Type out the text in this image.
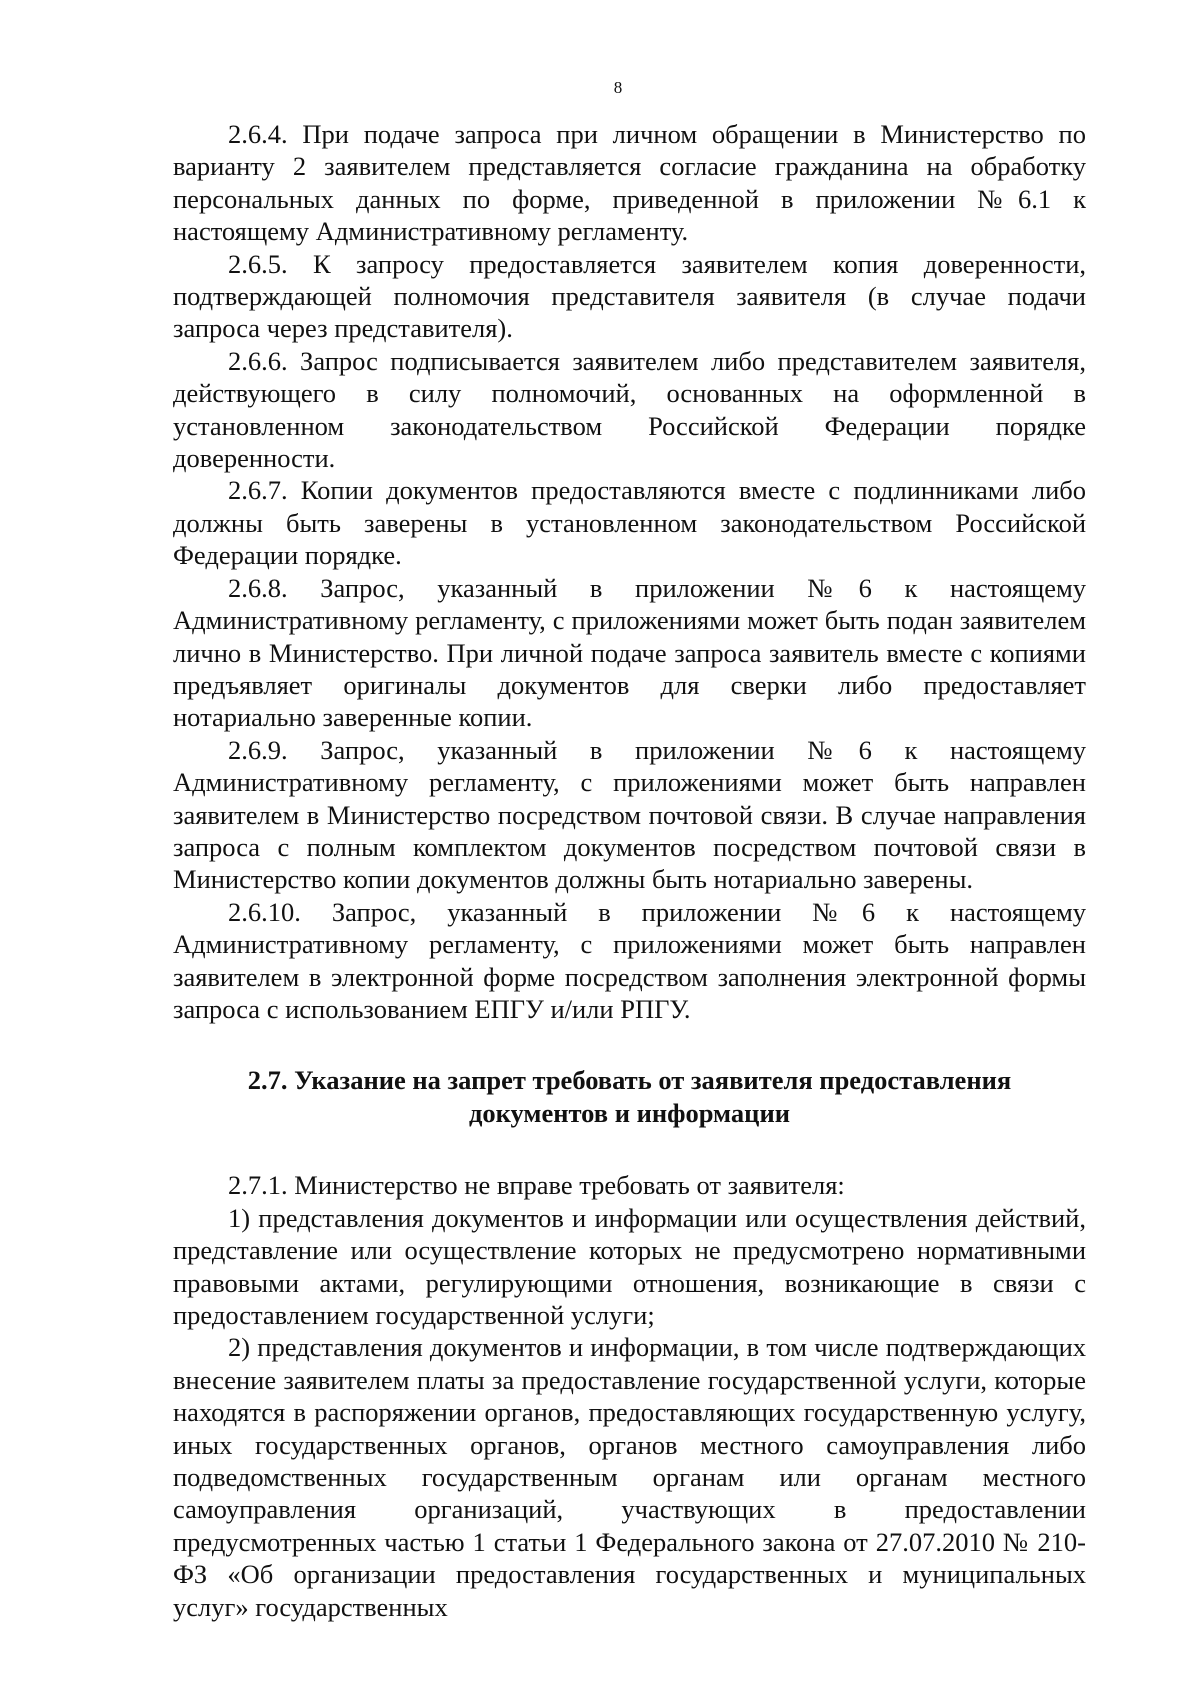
8

2.6.4. При подаче запроса при личном обращении в Министерство по варианту 2 заявителем представляется согласие гражданина на обработку персональных данных по форме, приведенной в приложении №6.1 к настоящему Административному регламенту.

2.6.5. К запросу предоставляется заявителем копия доверенности, подтверждающей полномочия представителя заявителя (в случае подачи запроса через представителя).

2.6.6. Запрос подписывается заявителем либо представителем заявителя, действующего в силу полномочий, основанных на оформленной в установленном законодательством Российской Федерации порядке доверенности.

2.6.7. Копии документов предоставляются вместе с подлинниками либо должны быть заверены в установленном законодательством Российской Федерации порядке.

2.6.8. Запрос, указанный в приложении №6 к настоящему Административному регламенту, с приложениями может быть подан заявителем лично в Министерство. При личной подаче запроса заявитель вместе с копиями предъявляет оригиналы документов для сверки либо предоставляет нотариально заверенные копии.

2.6.9. Запрос, указанный в приложении №6 к настоящему Административному регламенту, с приложениями может быть направлен заявителем в Министерство посредством почтовой связи. В случае направления запроса с полным комплектом документов посредством почтовой связи в Министерство копии документов должны быть нотариально заверены.

2.6.10. Запрос, указанный в приложении №6 к настоящему Административному регламенту, с приложениями может быть направлен заявителем в электронной форме посредством заполнения электронной формы запроса с использованием ЕПГУ и/или РПГУ.

2.7. Указание на запрет требовать от заявителя предоставления
документов и информации

2.7.1. Министерство не вправе требовать от заявителя:

1) представления документов и информации или осуществления действий, представление или осуществление которых не предусмотрено нормативными правовыми актами, регулирующими отношения, возникающие в связи с предоставлением государственной услуги;

2) представления документов и информации, в том числе подтверждающих внесение заявителем платы за предоставление государственной услуги, которые находятся в распоряжении органов, предоставляющих государственную услугу, иных государственных органов, органов местного самоуправления либо подведомственных государственным органам или органам местного самоуправления организаций, участвующих в предоставлении предусмотренных частью 1 статьи 1 Федерального закона от 27.07.2010 № 210-ФЗ «Об организации предоставления государственных и муниципальных услуг» государственных
